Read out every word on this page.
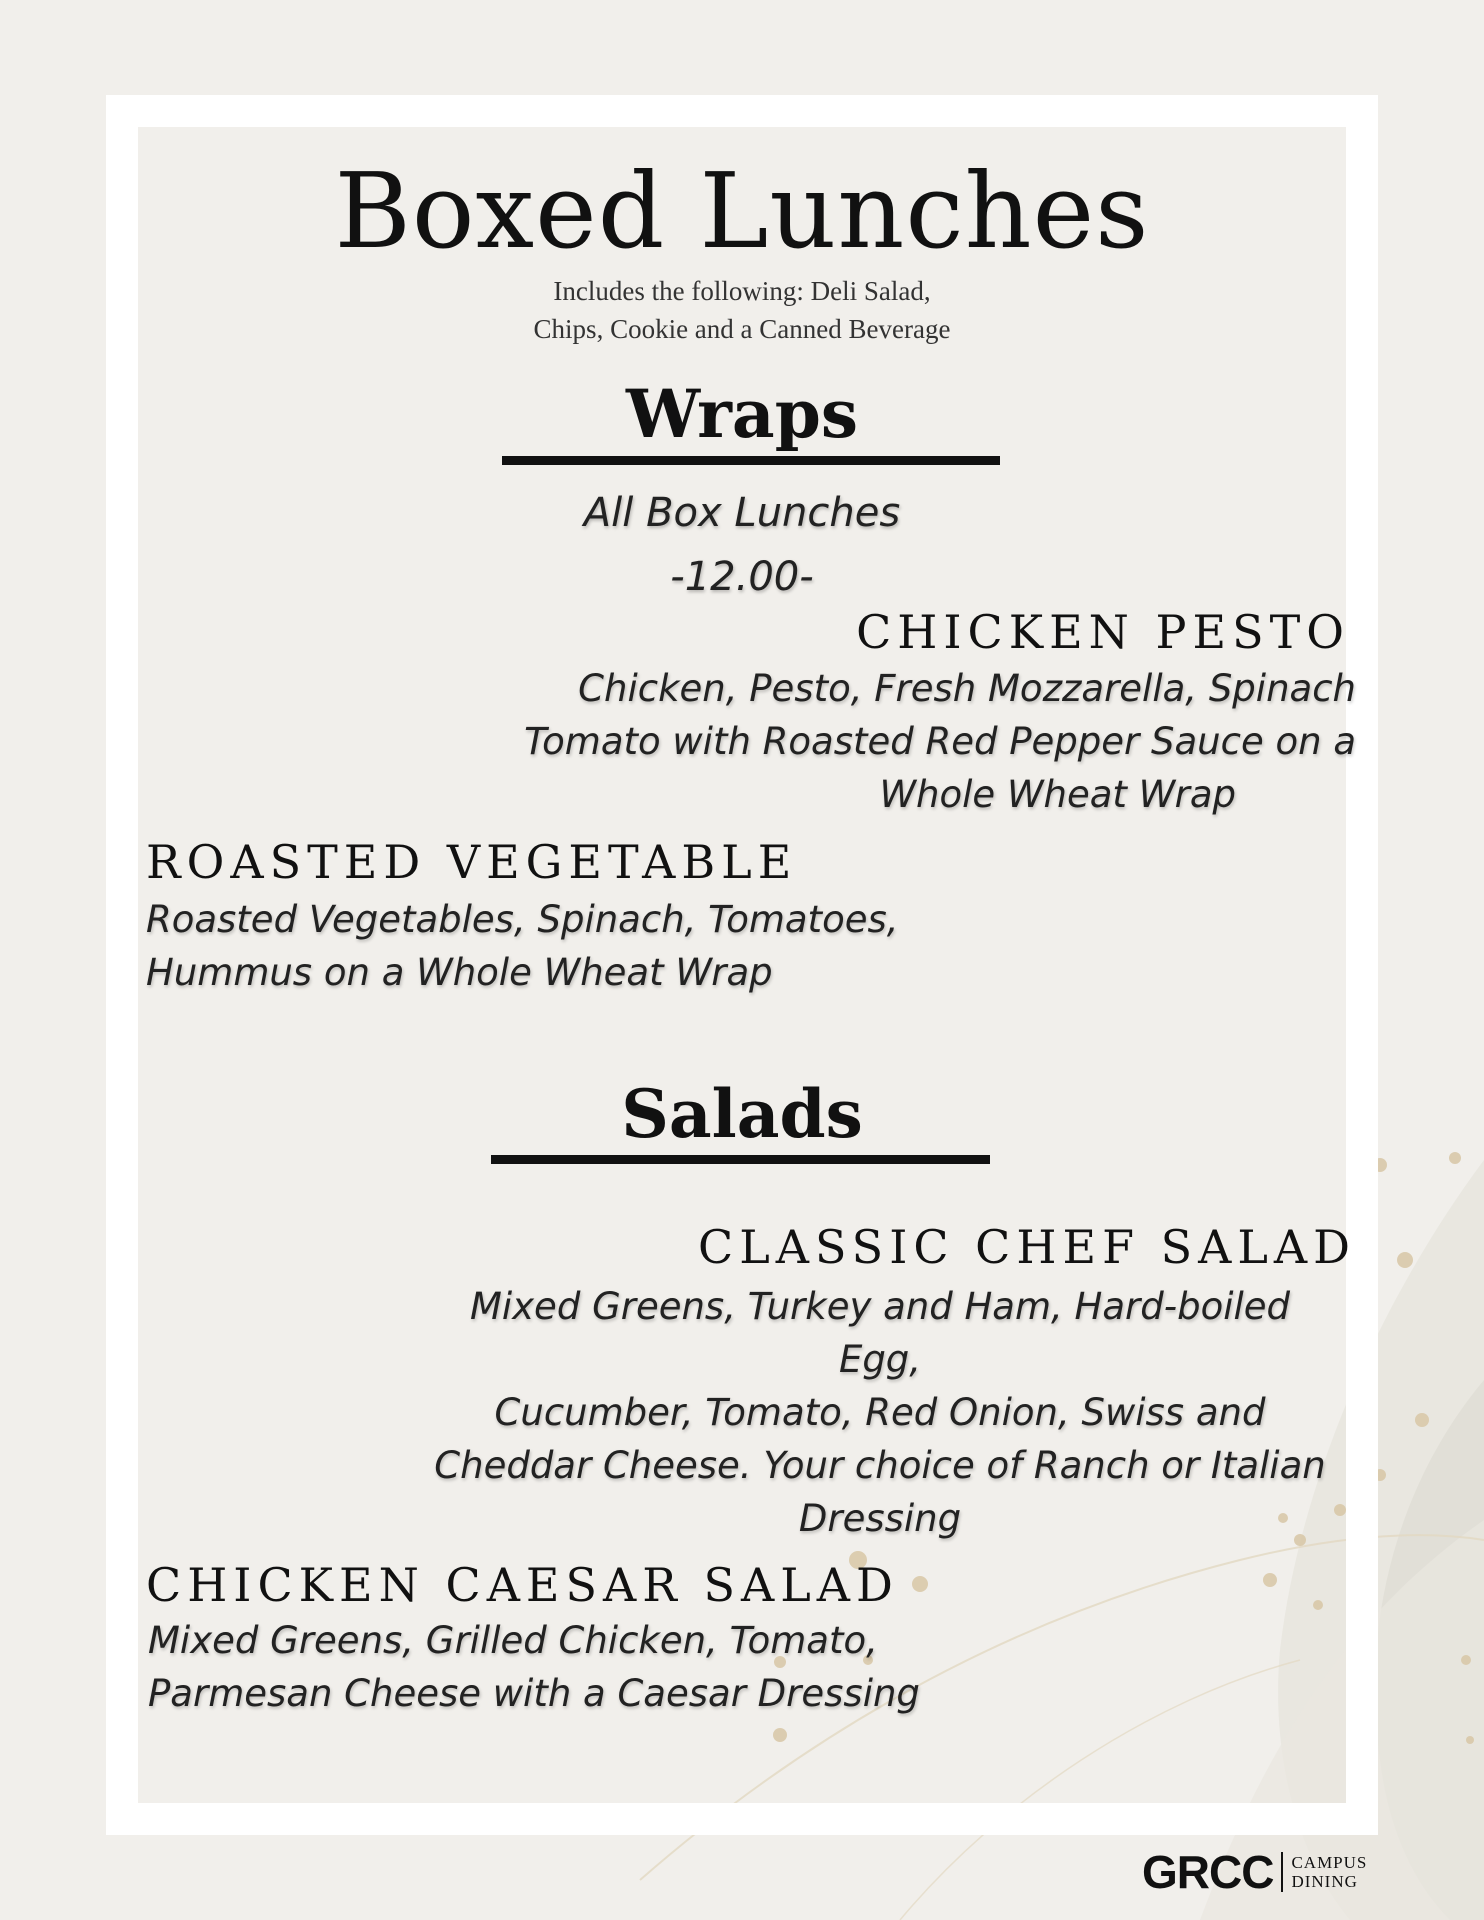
Boxed Lunches
Includes the following: Deli Salad,
Chips, Cookie and a Canned Beverage
Wraps
All Box Lunches
-12.00-
CHICKEN PESTO
Chicken, Pesto, Fresh Mozzarella, Spinach
Tomato with Roasted Red Pepper Sauce on a
Whole Wheat Wrap
ROASTED VEGETABLE
Roasted Vegetables, Spinach, Tomatoes,
Hummus on a Whole Wheat Wrap
Salads
CLASSIC CHEF SALAD
Mixed Greens, Turkey and Ham, Hard-boiled Egg,
Cucumber, Tomato, Red Onion, Swiss and
Cheddar Cheese. Your choice of Ranch or Italian
Dressing
CHICKEN CAESAR SALAD
Mixed Greens, Grilled Chicken, Tomato,
Parmesan Cheese with a Caesar Dressing
GRCC CAMPUS
DINING
